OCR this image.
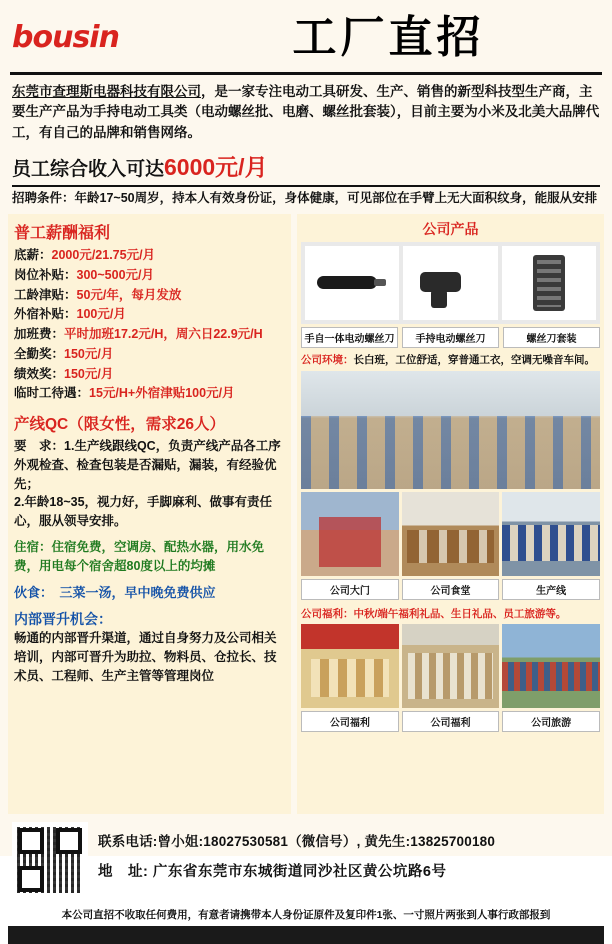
bousin	工厂直招
东莞市查理斯电器科技有限公司，是一家专注电动工具研发、生产、销售的新型科技型生产商，主要生产产品为手持电动工具类（电动螺丝批、电磨、螺丝批套装），目前主要为小米及北美大品牌代工，有自己的品牌和销售网络。
员工综合收入可达6000元/月
招聘条件：年龄17~50周岁，持本人有效身份证，身体健康，可见部位在手臂上无大面积纹身，能服从安排
普工薪酬福利
底薪：2000元/21.75元/月
岗位补贴：300~500元/月
工龄津贴：50元/年，每月发放
外宿补贴：100元/月
加班费：平时加班17.2元/H，周六日22.9元/H
全勤奖：150元/月
绩效奖：150元/月
临时工待遇：15元/H+外宿津贴100元/月
产线QC（限女性，需求26人）
要　求：1.生产线跟线QC，负责产线产品各工序外观检查、检查包装是否漏贴，漏装，有经验优先；
2.年龄18~35，视力好，手脚麻利、做事有责任心，服从领导安排。
住宿：住宿免费，空调房、配热水器，用水免费，用电每个宿舍超80度以上的均摊
伙食：　三菜一汤，早中晚免费供应
内部晋升机会：
畅通的内部晋升渠道，通过自身努力及公司相关培训，内部可晋升为助拉、物料员、仓拉长、技术员、工程师、生产主管等管理岗位
公司产品
手自一体电动螺丝刀	手持电动螺丝刀	螺丝刀套装
公司环境：长白班，工位舒适，穿普通工衣，空调无噪音车间。
公司大门	公司食堂	生产线
公司福利：中秋/端午福利礼品、生日礼品、员工旅游等。
公司福利	公司福利	公司旅游
联系电话:曾小姐:18027530581（微信号）, 黄先生:13825700180
地　址: 广东省东莞市东城街道同沙社区黄公坑路6号
本公司直招不收取任何费用，有意者请携带本人身份证原件及复印件1张、一寸照片两张到人事行政部报到
